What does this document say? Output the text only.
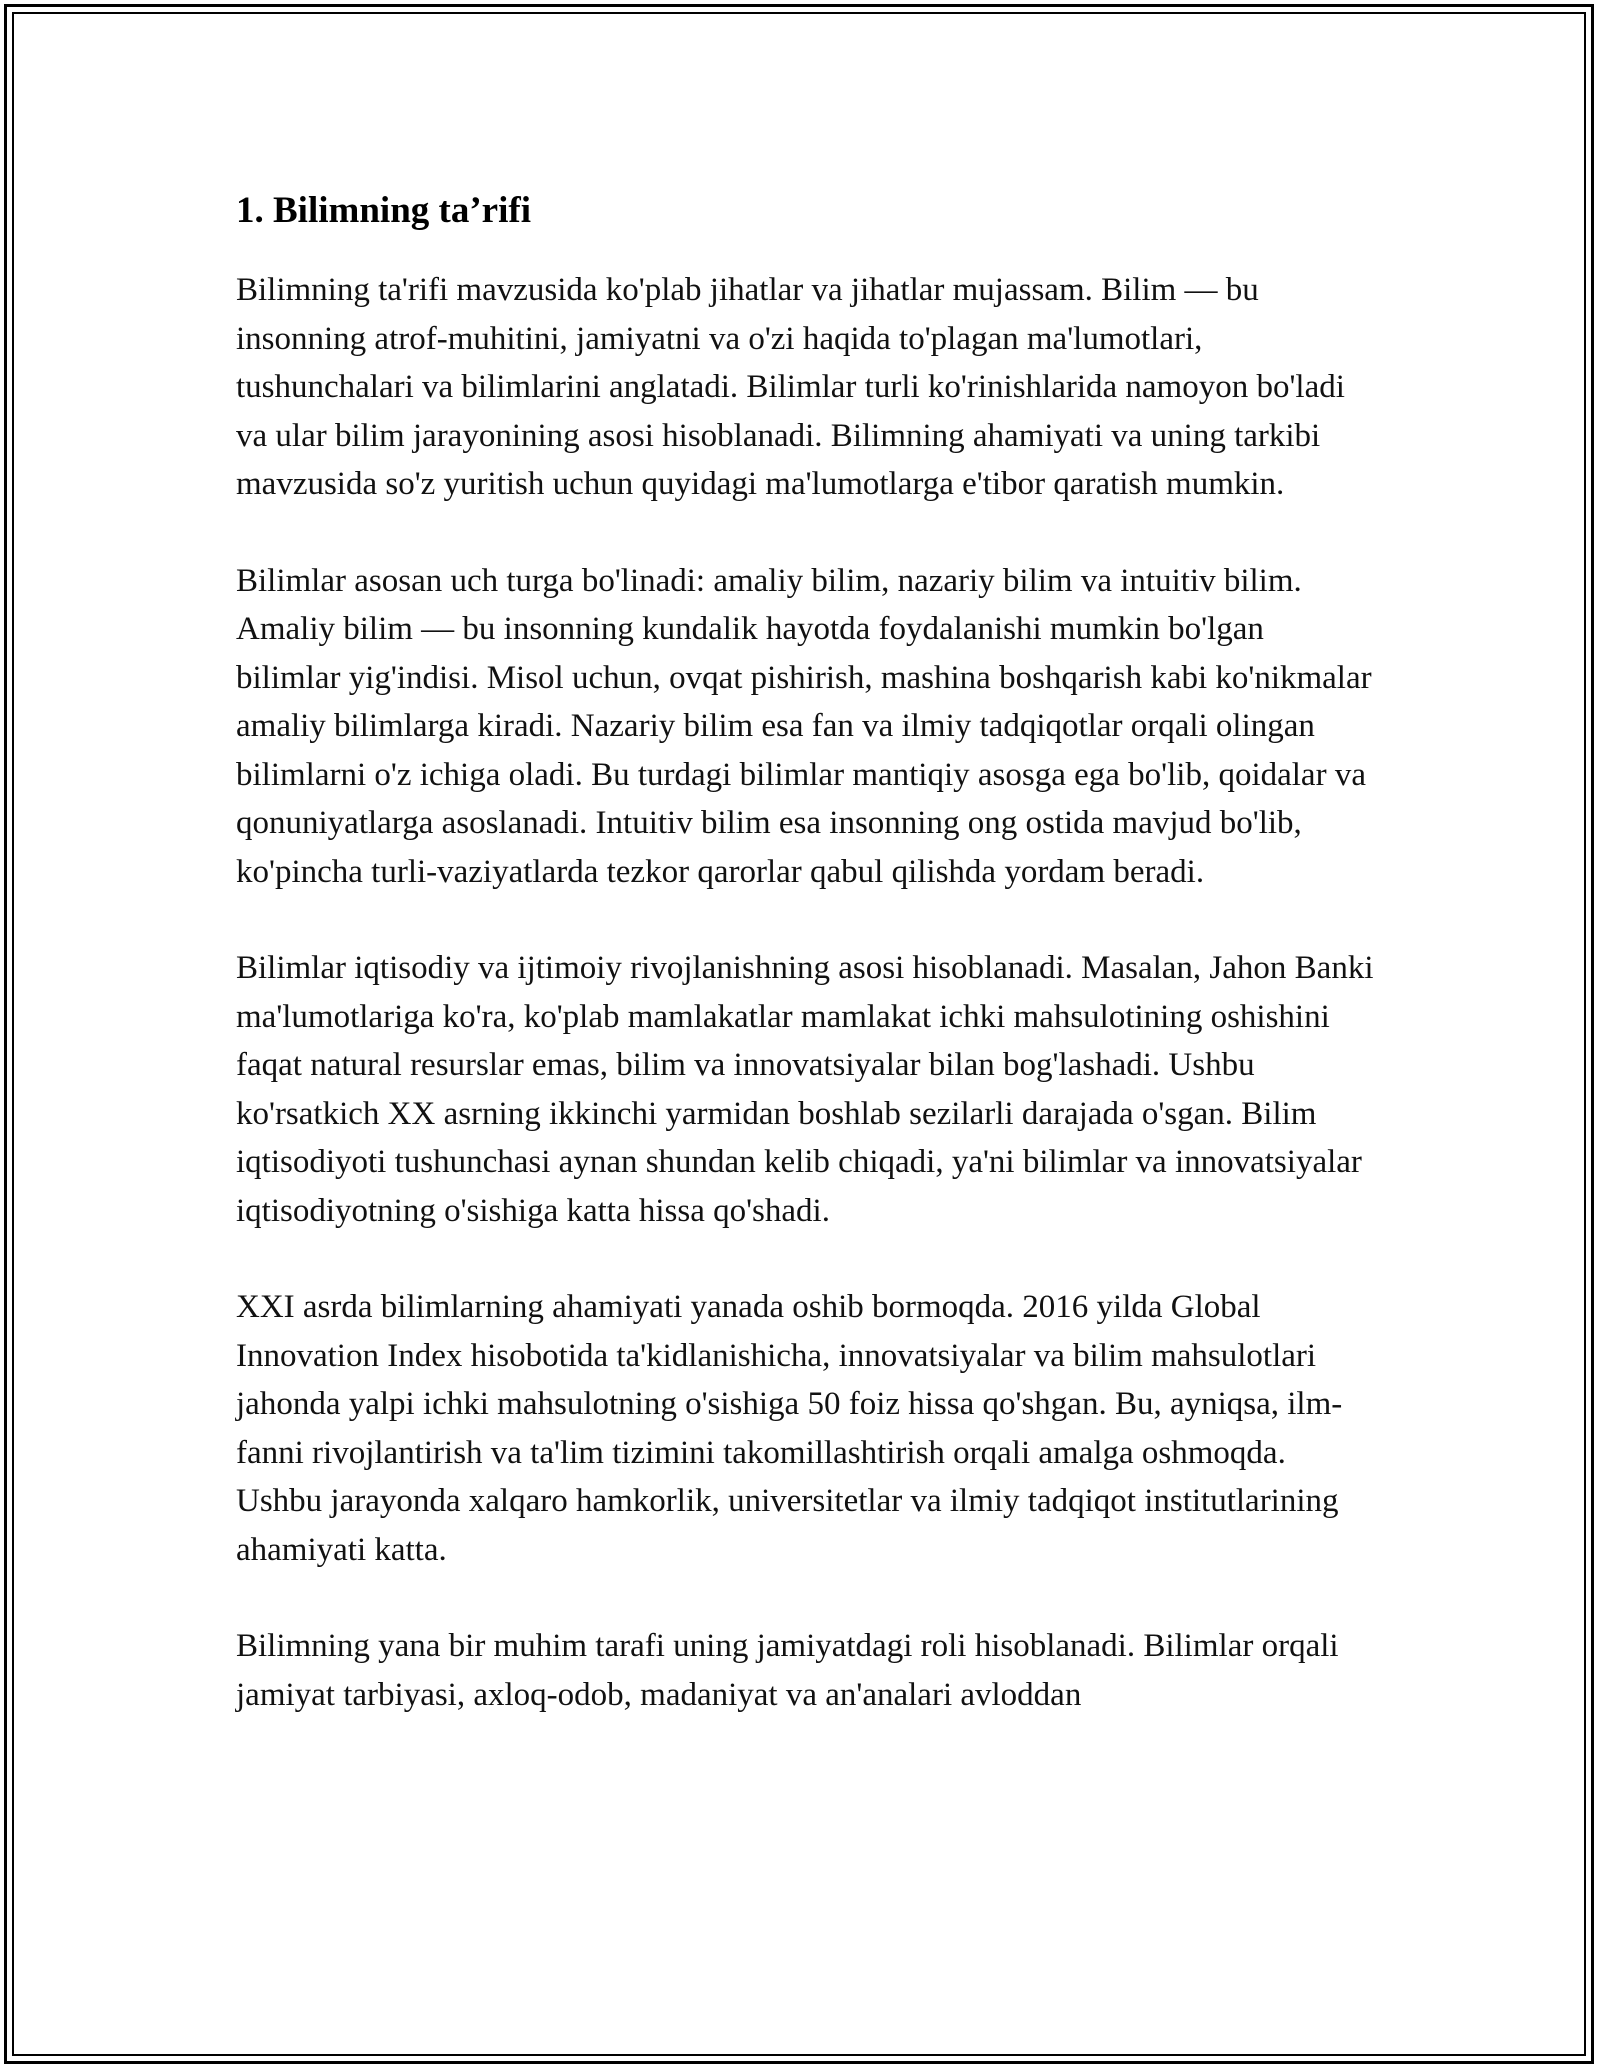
1. Bilimning ta’rifi

Bilimning ta'rifi mavzusida ko'plab jihatlar va jihatlar mujassam. Bilim — bu insonning atrof-muhitini, jamiyatni va o'zi haqida to'plagan ma'lumotlari, tushunchalari va bilimlarini anglatadi. Bilimlar turli ko'rinishlarida namoyon bo'ladi va ular bilim jarayonining asosi hisoblanadi. Bilimning ahamiyati va uning tarkibi mavzusida so'z yuritish uchun quyidagi ma'lumotlarga e'tibor qaratish mumkin.

Bilimlar asosan uch turga bo'linadi: amaliy bilim, nazariy bilim va intuitiv bilim. Amaliy bilim — bu insonning kundalik hayotda foydalanishi mumkin bo'lgan bilimlar yig'indisi. Misol uchun, ovqat pishirish, mashina boshqarish kabi ko'nikmalar amaliy bilimlarga kiradi. Nazariy bilim esa fan va ilmiy tadqiqotlar orqali olingan bilimlarni o'z ichiga oladi. Bu turdagi bilimlar mantiqiy asosga ega bo'lib, qoidalar va qonuniyatlarga asoslanadi. Intuitiv bilim esa insonning ong ostida mavjud bo'lib, ko'pincha turli-vaziyatlarda tezkor qarorlar qabul qilishda yordam beradi.

Bilimlar iqtisodiy va ijtimoiy rivojlanishning asosi hisoblanadi. Masalan, Jahon Banki ma'lumotlariga ko'ra, ko'plab mamlakatlar mamlakat ichki mahsulotining oshishini faqat natural resurslar emas, bilim va innovatsiyalar bilan bog'lashadi. Ushbu ko'rsatkich XX asrning ikkinchi yarmidan boshlab sezilarli darajada o'sgan. Bilim iqtisodiyoti tushunchasi aynan shundan kelib chiqadi, ya'ni bilimlar va innovatsiyalar iqtisodiyotning o'sishiga katta hissa qo'shadi.

XXI asrda bilimlarning ahamiyati yanada oshib bormoqda. 2016 yilda Global Innovation Index hisobotida ta'kidlanishicha, innovatsiyalar va bilim mahsulotlari jahonda yalpi ichki mahsulotning o'sishiga 50 foiz hissa qo'shgan. Bu, ayniqsa, ilm-fanni rivojlantirish va ta'lim tizimini takomillashtirish orqali amalga oshmoqda. Ushbu jarayonda xalqaro hamkorlik, universitetlar va ilmiy tadqiqot institutlarining ahamiyati katta.

Bilimning yana bir muhim tarafi uning jamiyatdagi roli hisoblanadi. Bilimlar orqali jamiyat tarbiyasi, axloq-odob, madaniyat va an'analari avloddan
